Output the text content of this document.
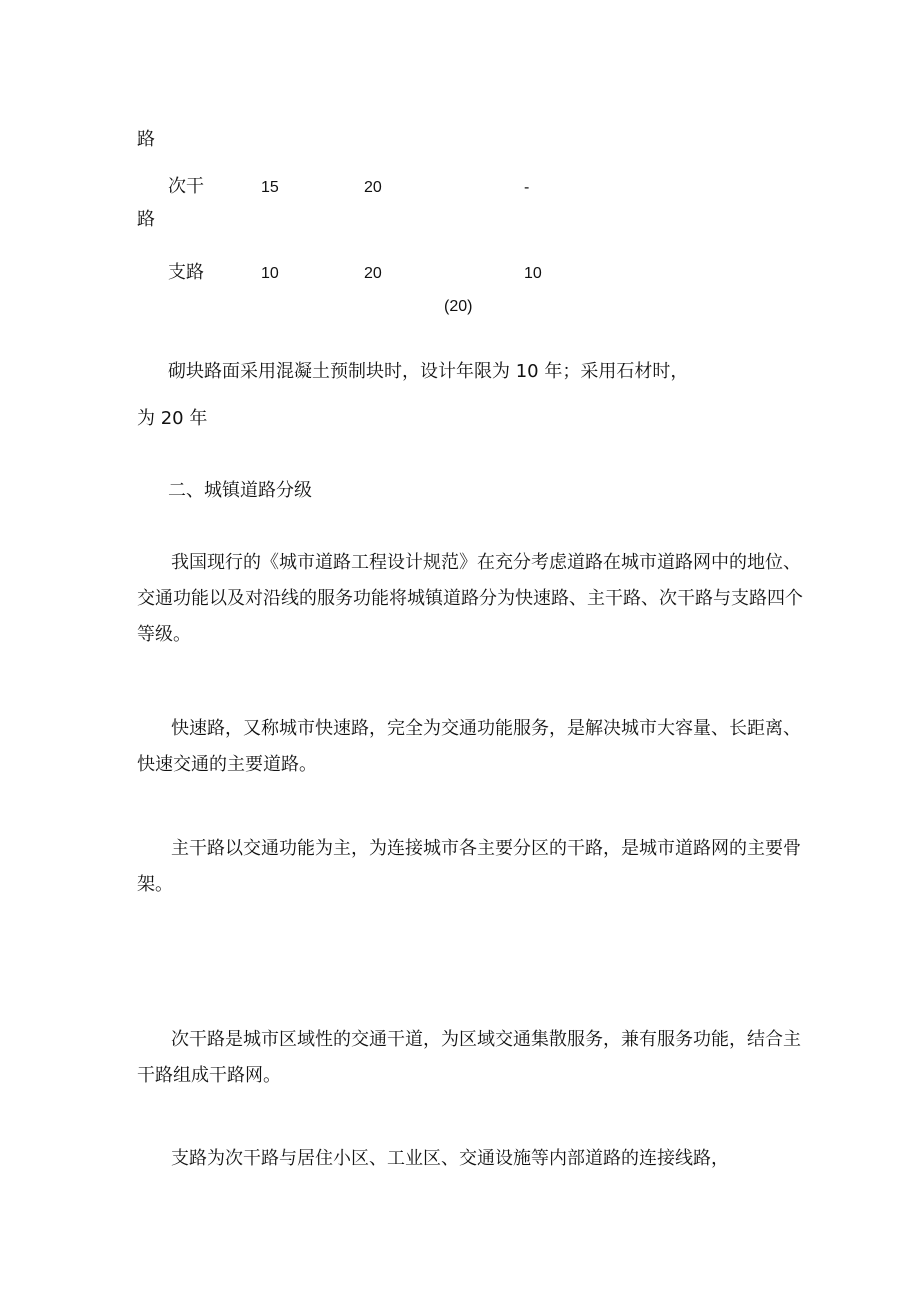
路
次干	15	20	-
路
支路	10	20	10
(20)
砌块路面采用混凝土预制块时，设计年限为 10 年；采用石材时，
为 20 年
二、城镇道路分级
我国现行的《城市道路工程设计规范》在充分考虑道路在城市道路网中的地位、交通功能以及对沿线的服务功能将城镇道路分为快速路、主干路、次干路与支路四个等级。
快速路，又称城市快速路，完全为交通功能服务，是解决城市大容量、长距离、快速交通的主要道路。
主干路以交通功能为主，为连接城市各主要分区的干路，是城市道路网的主要骨架。
次干路是城市区域性的交通干道，为区域交通集散服务，兼有服务功能，结合主干路组成干路网。
支路为次干路与居住小区、工业区、交通设施等内部道路的连接线路，
